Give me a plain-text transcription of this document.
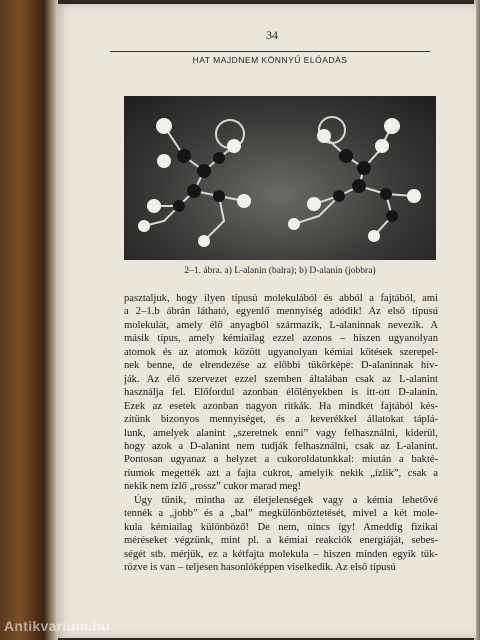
34
HAT MAJDNEM KÖNNYŰ ELŐADÁS
2–1. ábra. a) L-alanin (balra); b) D-alanin (jobbra)
pasztaljuk, hogy ilyen típusú molekulából és abból a fajtából, ami
a 2–1.b ábrán látható, egyenlő mennyiség adódik! Az első típusú
molekulát, amely élő anyagból származik, L-alaninnak nevezik. A
másik típus, amely kémiailag ezzel azonos – hiszen ugyanolyan
atomok és az atomok között ugyanolyan kémiai kötések szerepel-
nek benne, de elrendezése az előbbi tükörképe: D-alaninnak hív-
ják. Az élő szervezet ezzel szemben általában csak az L-alanint
használja fel. Előfordul azonban élőlényekben is itt-ott D-alanin.
Ezek az esetek azonban nagyon ritkák. Ha mindkét fajtából kés-
zítünk bizonyos mennyiséget, és a keverékkel állatokat táplá-
lunk, amelyek alanint „szeretnek enni” vagy felhasználni, kiderül,
hogy azok a D-alanint nem tudják felhasználni, csak az L-alanint.
Pontosan ugyanaz a helyzet a cukoroldatunkkal: miután a bakté-
riumok megették azt a fajta cukrot, amelyik nekik „ízlik”, csak a
nekik nem ízlő „rossz” cukor marad meg!
Úgy tűnik, mintha az életjelenségek vagy a kémia lehetővé
tennék a „jobb” és a „bal” megkülönböztetését, mivel a két mole-
kula kémiailag különböző! De nem, nincs így! Ameddig fizikai
méréseket végzünk, mint pl. a kémiai reakciók energiáját, sebes-
ségét stb. mérjük, ez a kétfajta molekula – hiszen minden egyik tük-
rözve is van – teljesen hasonlóképpen viselkedik. Az első típusú
Antikvarium.hu
